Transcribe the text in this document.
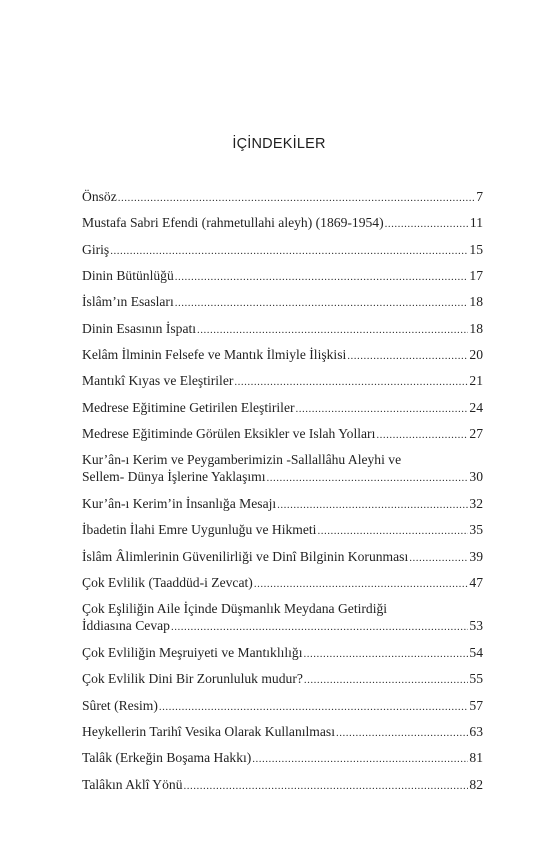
İÇİNDEKİLER
Önsöz .....	7
Mustafa Sabri Efendi (rahmetullahi aleyh) (1869-1954) .....	11
Giriş .....	15
Dinin Bütünlüğü .....	17
İslâm’ın Esasları .....	18
Dinin Esasının İspatı .....	18
Kelâm İlminin Felsefe ve Mantık İlmiyle İlişkisi .....	20
Mantıkî Kıyas ve Eleştiriler .....	21
Medrese Eğitimine Getirilen Eleştiriler .....	24
Medrese Eğitiminde Görülen Eksikler ve Islah Yolları .....	27
Kur’ân-ı Kerim ve Peygamberimizin -Sallallâhu Aleyhi ve
Sellem- Dünya İşlerine Yaklaşımı .....	30
Kur’ân-ı Kerim’in İnsanlığa Mesajı .....	32
İbadetin İlahi Emre Uygunluğu ve Hikmeti .....	35
İslâm Âlimlerinin Güvenilirliği ve Dinî Bilginin Korunması .....	39
Çok Evlilik (Taaddüd-i Zevcat) .....	47
Çok Eşliliğin Aile İçinde Düşmanlık Meydana Getirdiği
İddiasına Cevap .....	53
Çok Evliliğin Meşruiyeti ve Mantıklılığı .....	54
Çok Evlilik Dini Bir Zorunluluk mudur? .....	55
Sûret (Resim) .....	57
Heykellerin Tarihî Vesika Olarak Kullanılması .....	63
Talâk (Erkeğin Boşama Hakkı) .....	81
Talâkın Aklî Yönü .....	82
